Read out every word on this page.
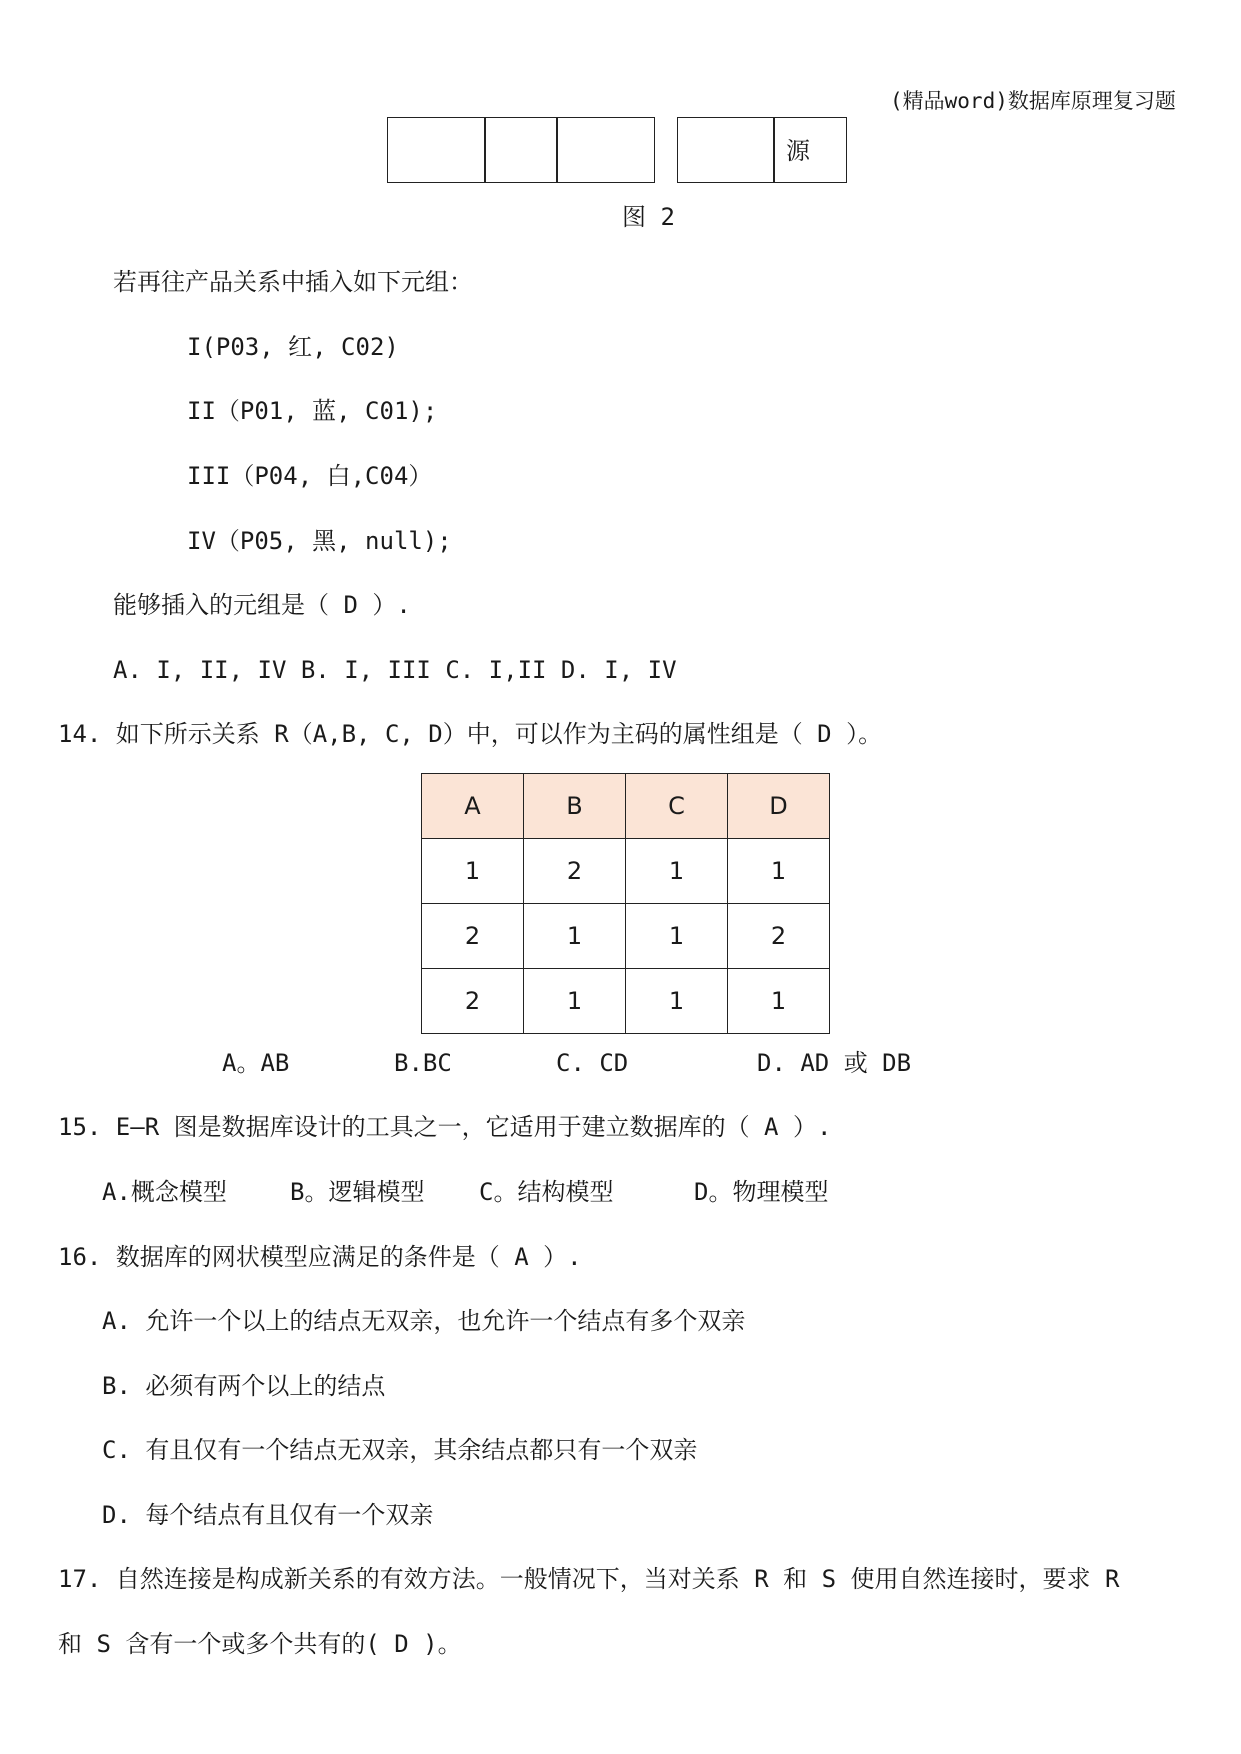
(精品word)数据库原理复习题
源
图 2
若再往产品关系中插入如下元组：
I(P03, 红, C02)
II（P01, 蓝, C01);
III（P04, 白,C04）
IV（P05, 黑, null);
能够插入的元组是（ D ）.
A. I, II, IV B. I, III C. I,II D. I, IV
14. 如下所示关系 R（A,B, C, D）中，可以作为主码的属性组是（ D ）。
A	B	C	D
1	2	1	1
2	1	1	2
2	1	1	1
A。AB	B.BC	C. CD	D. AD 或 DB
15. E—R 图是数据库设计的工具之一，它适用于建立数据库的（ A ）.
A.概念模型	B。逻辑模型 C。结构模型	D。物理模型
16. 数据库的网状模型应满足的条件是（ A ）.
A. 允许一个以上的结点无双亲，也允许一个结点有多个双亲
B. 必须有两个以上的结点
C. 有且仅有一个结点无双亲，其余结点都只有一个双亲
D. 每个结点有且仅有一个双亲
17. 自然连接是构成新关系的有效方法。一般情况下，当对关系 R 和 S 使用自然连接时，要求 R
和 S 含有一个或多个共有的( D )。
